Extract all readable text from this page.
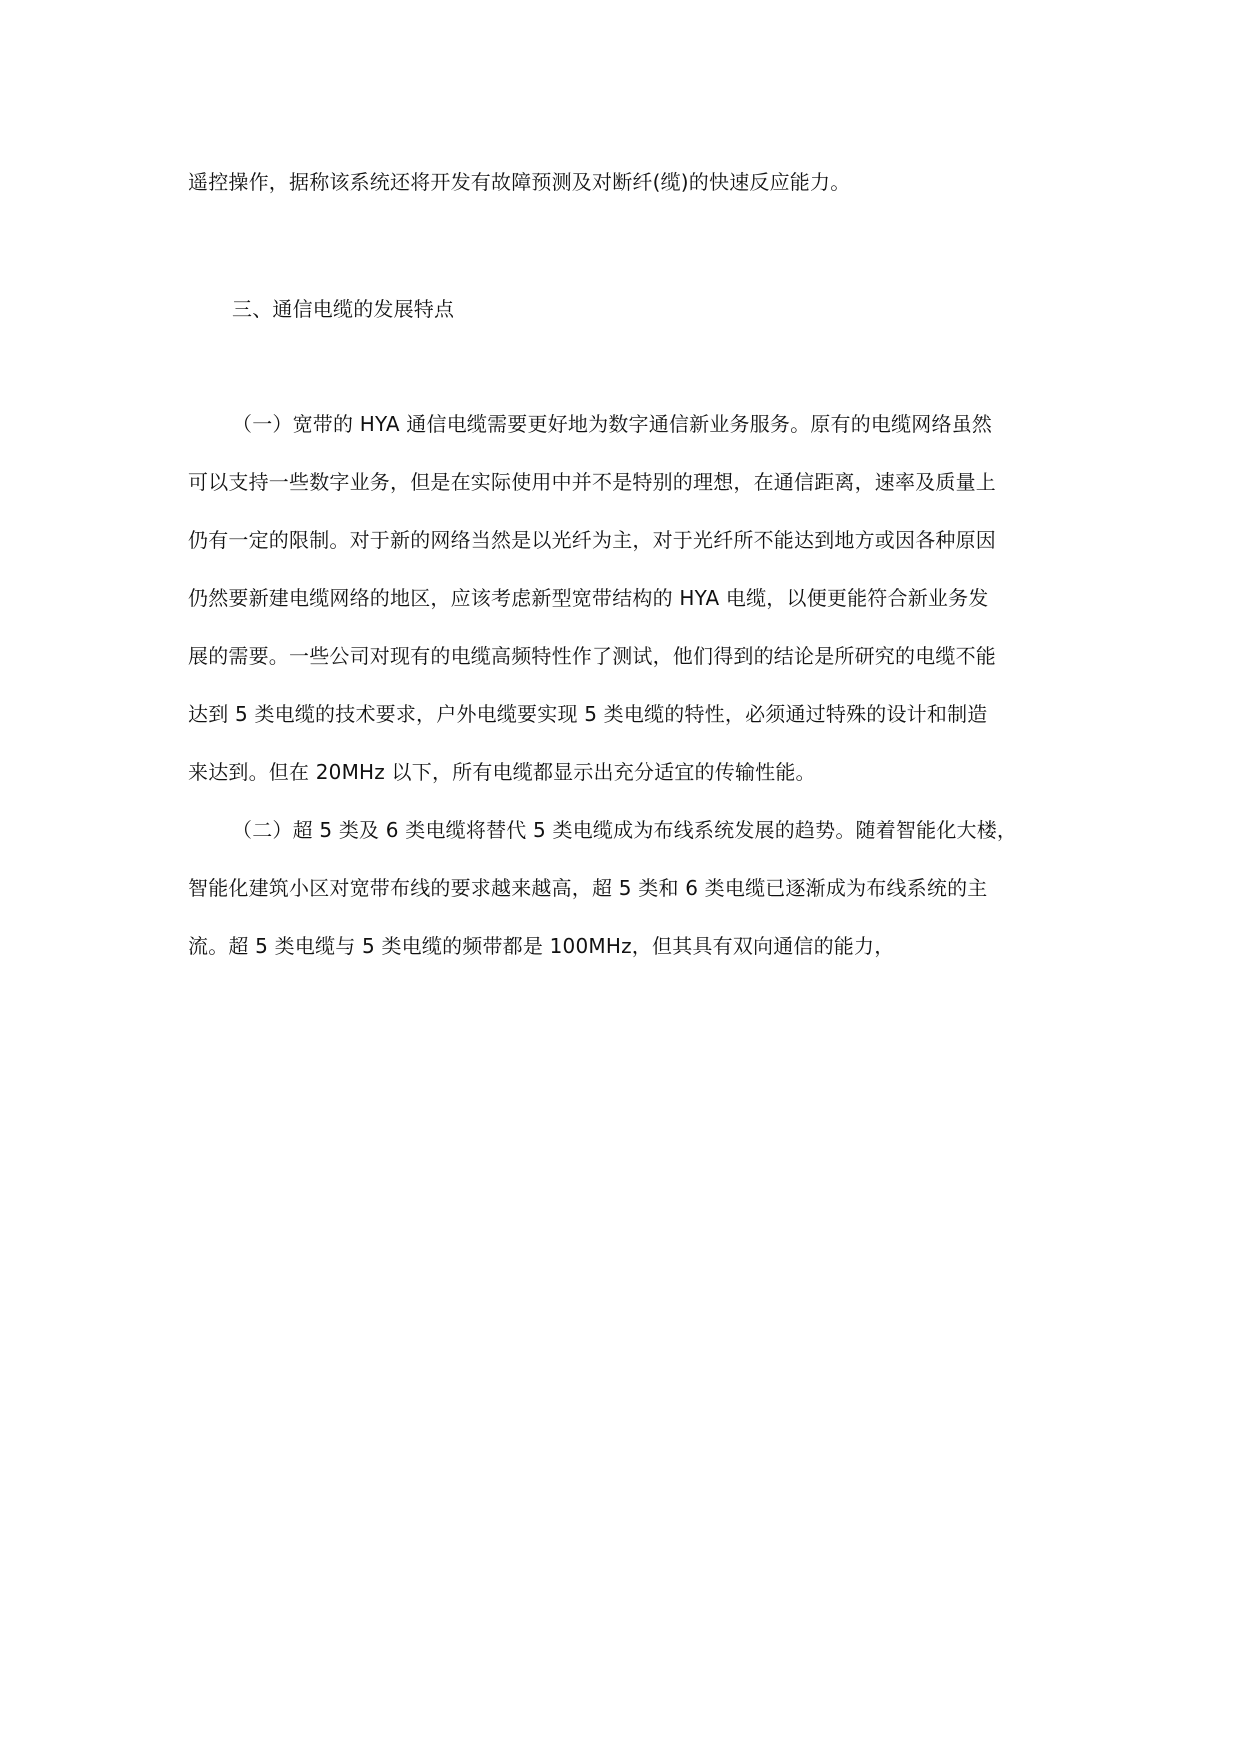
遥控操作，据称该系统还将开发有故障预测及对断纤(缆)的快速反应能力。
三、通信电缆的发展特点
（一）宽带的 HYA 通信电缆需要更好地为数字通信新业务服务。原有的电缆网络虽然
可以支持一些数字业务，但是在实际使用中并不是特别的理想，在通信距离，速率及质量上
仍有一定的限制。对于新的网络当然是以光纤为主，对于光纤所不能达到地方或因各种原因
仍然要新建电缆网络的地区，应该考虑新型宽带结构的 HYA 电缆，以便更能符合新业务发
展的需要。一些公司对现有的电缆高频特性作了测试，他们得到的结论是所研究的电缆不能
达到 5 类电缆的技术要求，户外电缆要实现 5 类电缆的特性，必须通过特殊的设计和制造
来达到。但在 20MHz 以下，所有电缆都显示出充分适宜的传输性能。
（二）超 5 类及 6 类电缆将替代 5 类电缆成为布线系统发展的趋势。随着智能化大楼，
智能化建筑小区对宽带布线的要求越来越高，超 5 类和 6 类电缆已逐渐成为布线系统的主
流。超 5 类电缆与 5 类电缆的频带都是 100MHz，但其具有双向通信的能力，
